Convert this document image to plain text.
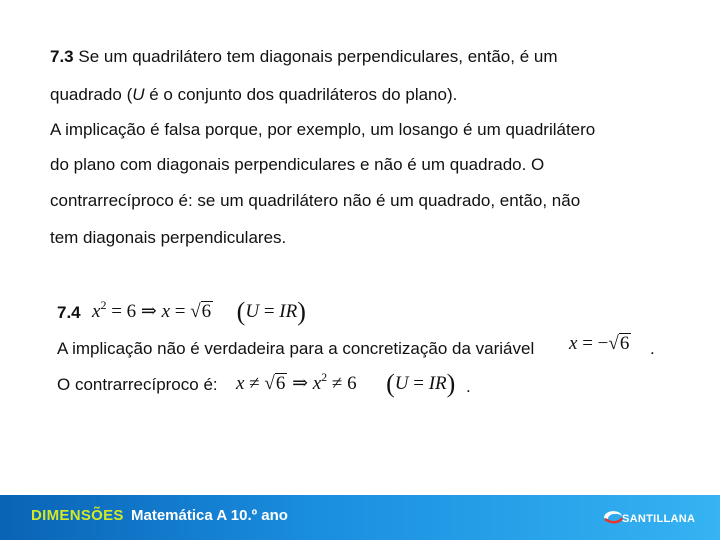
7.3 Se um quadrilátero tem diagonais perpendiculares, então, é um
quadrado (U é o conjunto dos quadriláteros do plano).
A implicação é falsa porque, por exemplo, um losango é um quadrilátero
do plano com diagonais perpendiculares e não é um quadrado. O
contrarrecíproco é: se um quadrilátero não é um quadrado, então, não
tem diagonais perpendiculares.
7.4 $x^2 = 6$ ⇒ x = √6 (U = IR)
A implicação não é verdadeira para a concretização da variável x = −√6 .
O contrarrecíproco é: x ≠ √6 ⇒ $x^2 \ne 6$ (U = IR) .
DIMENSÕES Matemática A 10.º ano	SANTILLANA
